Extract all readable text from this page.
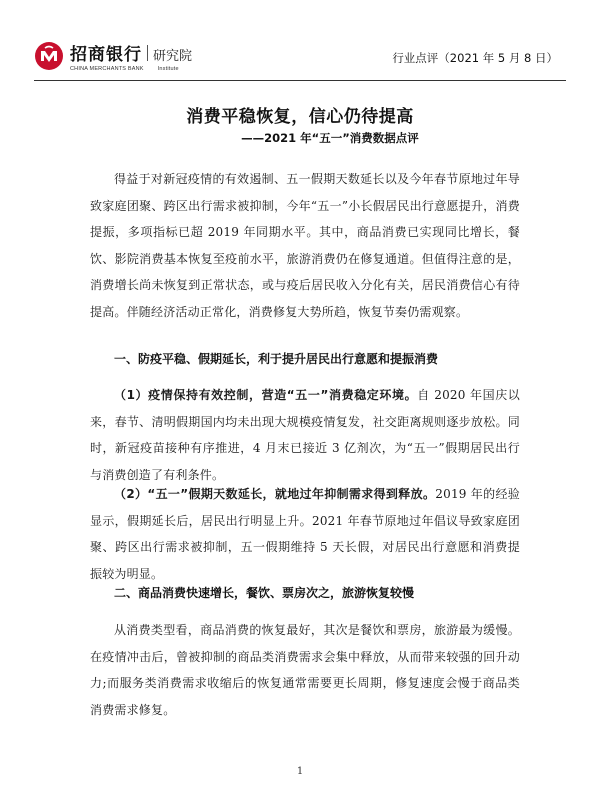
招商银行 研究院
CHINA MERCHANTS BANK	Institute
行业点评（2021 年 5 月 8 日）
消费平稳恢复，信心仍待提高
——2021 年“五一”消费数据点评

得益于对新冠疫情的有效遏制、五一假期天数延长以及今年春节原地过年导致家庭团聚、跨区出行需求被抑制，今年“五一”小长假居民出行意愿提升，消费提振，多项指标已超 2019 年同期水平。其中，商品消费已实现同比增长，餐饮、影院消费基本恢复至疫前水平，旅游消费仍在修复通道。但值得注意的是，消费增长尚未恢复到正常状态，或与疫后居民收入分化有关，居民消费信心有待提高。伴随经济活动正常化，消费修复大势所趋，恢复节奏仍需观察。

一、防疫平稳、假期延长，利于提升居民出行意愿和提振消费

（1）疫情保持有效控制，营造“五一”消费稳定环境。自 2020 年国庆以来，春节、清明假期国内均未出现大规模疫情复发，社交距离规则逐步放松。同时，新冠疫苗接种有序推进，4 月末已接近 3 亿剂次，为“五一”假期居民出行与消费创造了有利条件。

（2）“五一”假期天数延长，就地过年抑制需求得到释放。2019 年的经验显示，假期延长后，居民出行明显上升。2021 年春节原地过年倡议导致家庭团聚、跨区出行需求被抑制，五一假期维持 5 天长假，对居民出行意愿和消费提振较为明显。

二、商品消费快速增长，餐饮、票房次之，旅游恢复较慢

从消费类型看，商品消费的恢复最好，其次是餐饮和票房，旅游最为缓慢。在疫情冲击后，曾被抑制的商品类消费需求会集中释放，从而带来较强的回升动力;而服务类消费需求收缩后的恢复通常需要更长周期，修复速度会慢于商品类消费需求修复。

1
